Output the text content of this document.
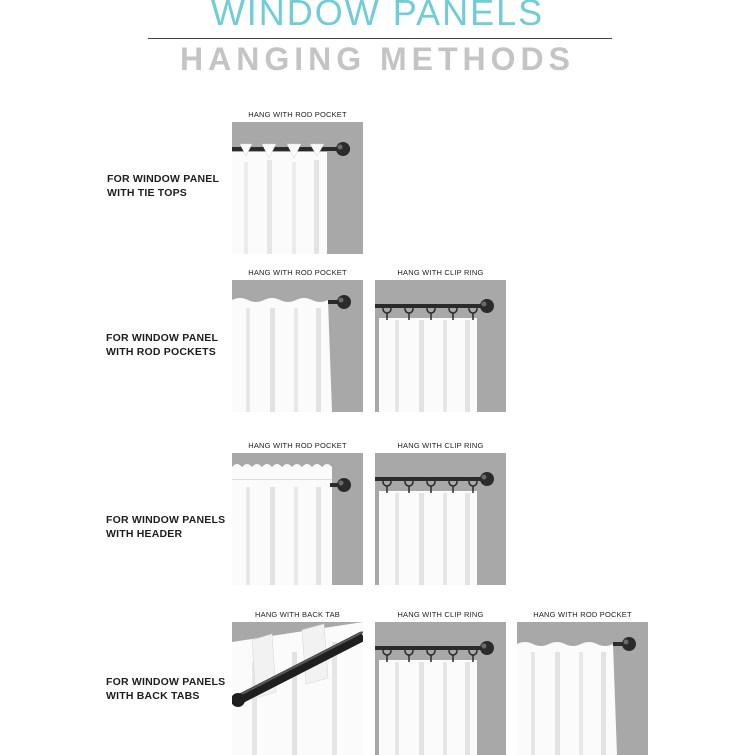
WINDOW PANELS
HANGING METHODS
FOR WINDOW PANEL
WITH TIE TOPS
HANG WITH ROD POCKET
FOR WINDOW PANEL
WITH ROD POCKETS
HANG WITH ROD POCKET	HANG WITH CLIP RING
FOR WINDOW PANELS
WITH HEADER
HANG WITH ROD POCKET	HANG WITH CLIP RING
FOR WINDOW PANELS
WITH BACK TABS
HANG WITH BACK TAB	HANG WITH CLIP RING	HANG WITH ROD POCKET
